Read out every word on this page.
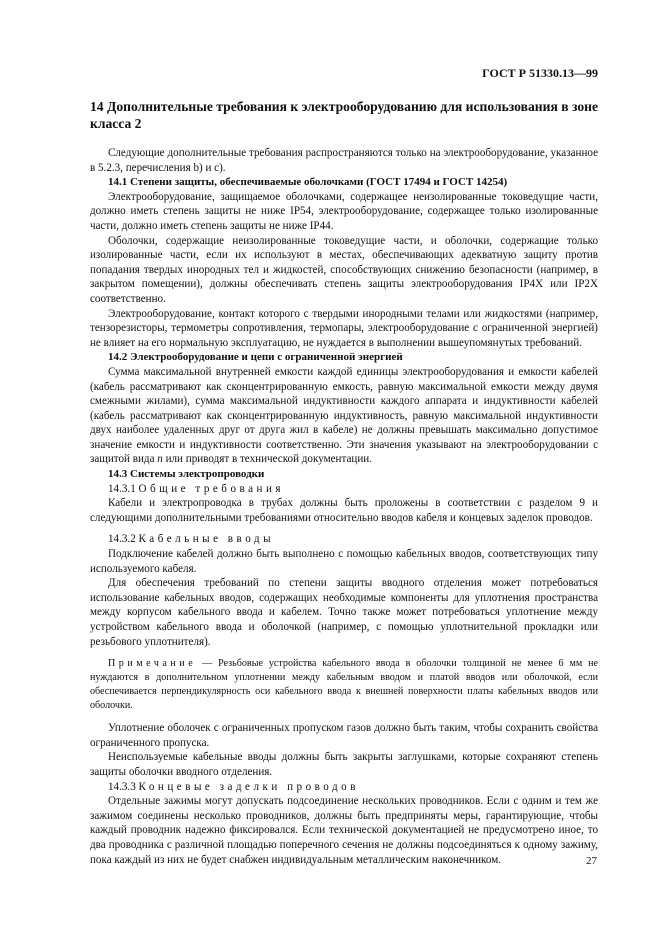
ГОСТ Р 51330.13—99
14 Дополнительные требования к электрооборудованию для использования в зоне класса 2

Следующие дополнительные требования распространяются только на электрооборудование, указанное в 5.2.3, перечисления b) и c).

14.1 Степени защиты, обеспечиваемые оболочками (ГОСТ 17494 и ГОСТ 14254)

Электрооборудование, защищаемое оболочками, содержащее неизолированные токоведущие части, должно иметь степень защиты не ниже IP54, электрооборудование, содержащее только изолированные части, должно иметь степень защиты не ниже IP44.

Оболочки, содержащие неизолированные токоведущие части, и оболочки, содержащие только изолированные части, если их используют в местах, обеспечивающих адекватную защиту против попадания твердых инородных тел и жидкостей, способствующих снижению безопасности (например, в закрытом помещении), должны обеспечивать степень защиты электрооборудования IP4X или IP2X соответственно.

Электрооборудование, контакт которого с твердыми инородными телами или жидкостями (например, тензорезисторы, термометры сопротивления, термопары, электрооборудование с ограниченной энергией) не влияет на его нормальную эксплуатацию, не нуждается в выполнении вышеупомянутых требований.

14.2 Электрооборудование и цепи с ограниченной энергией

Сумма максимальной внутренней емкости каждой единицы электрооборудования и емкости кабелей (кабель рассматривают как сконцентрированную емкость, равную максимальной емкости между двумя смежными жилами), сумма максимальной индуктивности каждого аппарата и индуктивности кабелей (кабель рассматривают как сконцентрированную индуктивность, равную максимальной индуктивности двух наиболее удаленных друг от друга жил в кабеле) не должны превышать максимально допустимое значение емкости и индуктивности соответственно. Эти значения указывают на электрооборудовании с защитой вида n или приводят в технической документации.

14.3 Системы электропроводки

14.3.1 Общие требования

Кабели и электропроводка в трубах должны быть проложены в соответствии с разделом 9 и следующими дополнительными требованиями относительно вводов кабеля и концевых заделок проводов.

14.3.2 Кабельные вводы

Подключение кабелей должно быть выполнено с помощью кабельных вводов, соответствующих типу используемого кабеля.

Для обеспечения требований по степени защиты вводного отделения может потребоваться использование кабельных вводов, содержащих необходимые компоненты для уплотнения пространства между корпусом кабельного ввода и кабелем. Точно также может потребоваться уплотнение между устройством кабельного ввода и оболочкой (например, с помощью уплотнительной прокладки или резьбового уплотнителя).

Примечание — Резьбовые устройства кабельного ввода в оболочки толщиной не менее 6 мм не нуждаются в дополнительном уплотнении между кабельным вводом и платой вводов или оболочкой, если обеспечивается перпендикулярность оси кабельного ввода к внешней поверхности платы кабельных вводов или оболочки.

Уплотнение оболочек с ограниченных пропуском газов должно быть таким, чтобы сохранить свойства ограниченного пропуска.

Неиспользуемые кабельные вводы должны быть закрыты заглушками, которые сохраняют степень защиты оболочки вводного отделения.

14.3.3 Концевые заделки проводов

Отдельные зажимы могут допускать подсоединение нескольких проводников. Если с одним и тем же зажимом соединены несколько проводников, должны быть предприняты меры, гарантирующие, чтобы каждый проводник надежно фиксировался. Если технической документацией не предусмотрено иное, то два проводника с различной площадью поперечного сечения не должны подсоединяться к одному зажиму, пока каждый из них не будет снабжен индивидуальным металлическим наконечником.	27
